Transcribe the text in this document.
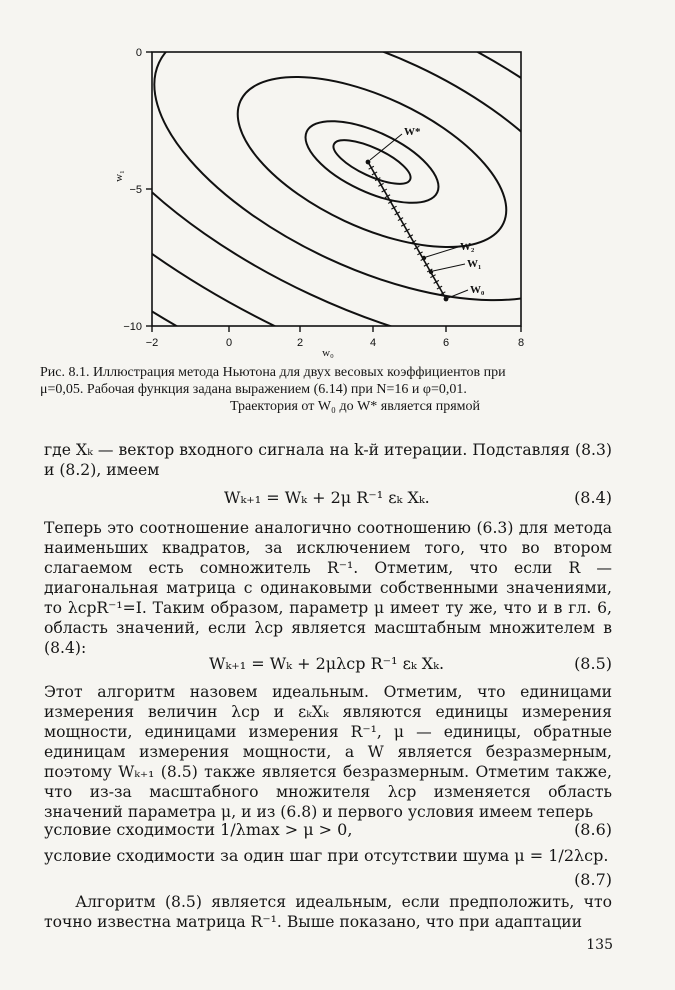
−2	0	2	4	6	8
0
−5
−10
w₀
w₁
W*
W₂
W₁
W₀
Рис. 8.1. Иллюстрация метода Ньютона для двух весовых коэффициентов при
μ=0,05. Рабочая функция задана выражением (6.14) при N=16 и φ=0,01.
Траектория от W₀ до W* является прямой

где Xₖ — вектор входного сигнала на k-й итерации. Подставляя (8.3) и (8.2), имеем

Wₖ₊₁ = Wₖ + 2μ R⁻¹ εₖ Xₖ.	(8.4)

Теперь это соотношение аналогично соотношению (6.3) для метода наименьших квадратов, за исключением того, что во втором слагаемом есть сомножитель R⁻¹. Отметим, что если R — диагональная матрица с одинаковыми собственными значениями, то λсрR⁻¹=I. Таким образом, параметр μ имеет ту же, что и в гл. 6, область значений, если λср является масштабным множителем в (8.4):

Wₖ₊₁ = Wₖ + 2μλср R⁻¹ εₖ Xₖ.	(8.5)

Этот алгоритм назовем идеальным. Отметим, что единицами измерения величин λср и εₖXₖ являются единицы измерения мощности, единицами измерения R⁻¹, μ — единицы, обратные единицам измерения мощности, а W является безразмерным, поэтому Wₖ₊₁ (8.5) также является безразмерным. Отметим также, что из-за масштабного множителя λср изменяется область значений параметра μ, и из (6.8) и первого условия имеем теперь

условие сходимости 1/λmax > μ > 0,	(8.6)
условие сходимости за один шаг при отсутствии шума μ = 1/2λср.
(8.7)

Алгоритм (8.5) является идеальным, если предположить, что точно известна матрица R⁻¹. Выше показано, что при адаптации

135
